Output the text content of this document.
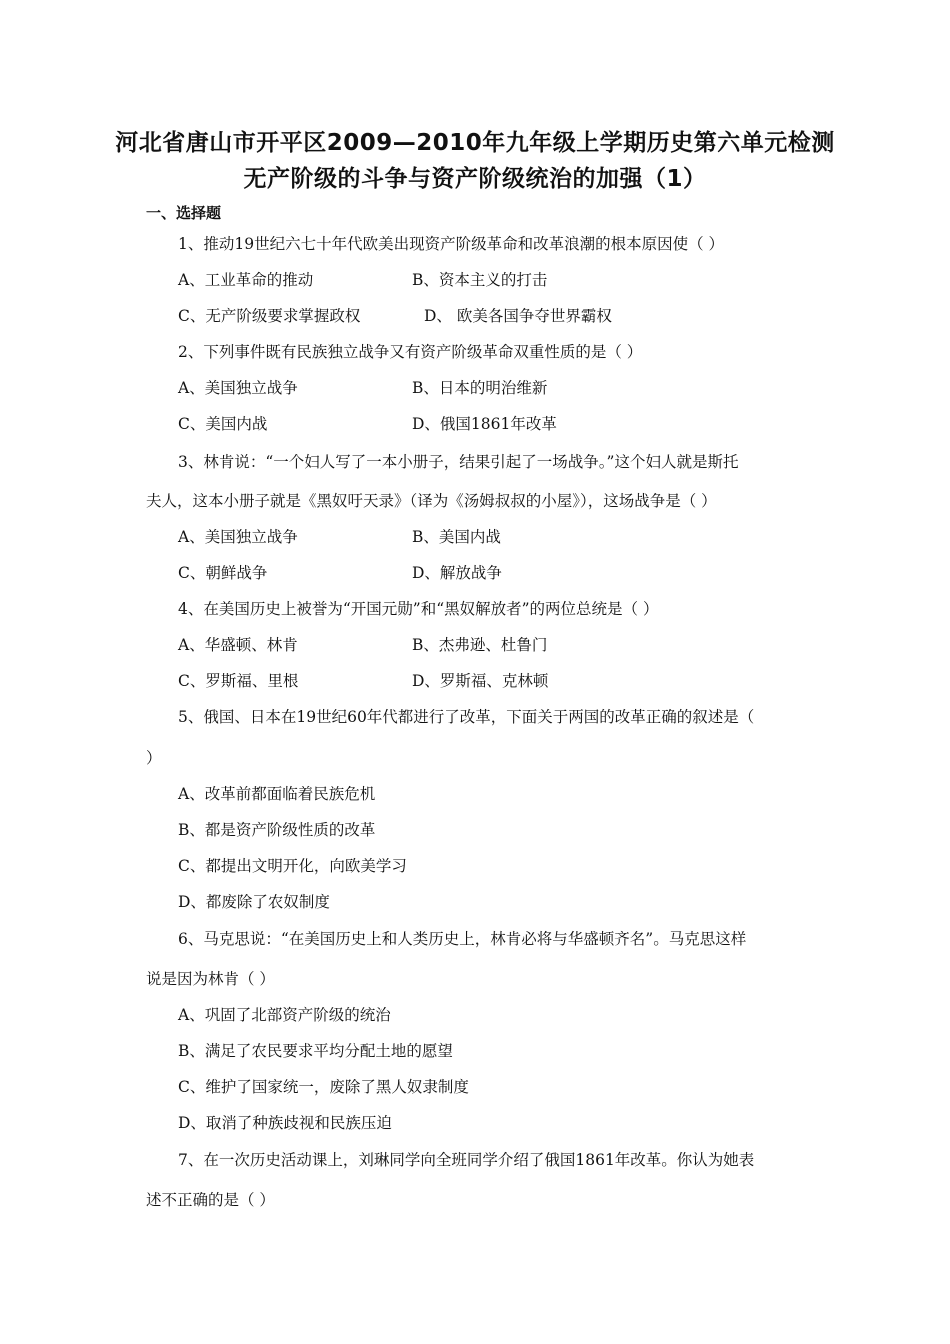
河北省唐山市开平区2009—2010年九年级上学期历史第六单元检测
无产阶级的斗争与资产阶级统治的加强（1）
一、选择题
1、推动19世纪六七十年代欧美出现资产阶级革命和改革浪潮的根本原因使（ ）
A、工业革命的推动	B、资本主义的打击
C、无产阶级要求掌握政权	D、 欧美各国争夺世界霸权
2、下列事件既有民族独立战争又有资产阶级革命双重性质的是（ ）
A、美国独立战争	B、日本的明治维新
C、美国内战	D、俄国1861年改革
3、林肯说：“一个妇人写了一本小册子，结果引起了一场战争。”这个妇人就是斯托
夫人，这本小册子就是《黑奴吁天录》（译为《汤姆叔叔的小屋》），这场战争是（ ）
A、美国独立战争	B、美国内战
C、朝鲜战争	D、解放战争
4、在美国历史上被誉为“开国元勋”和“黑奴解放者”的两位总统是（ ）
A、华盛顿、林肯	B、杰弗逊、杜鲁门
C、罗斯福、里根	D、罗斯福、克林顿
5、俄国、日本在19世纪60年代都进行了改革，下面关于两国的改革正确的叙述是（
）
A、改革前都面临着民族危机
B、都是资产阶级性质的改革
C、都提出文明开化，向欧美学习
D、都废除了农奴制度
6、马克思说：“在美国历史上和人类历史上，林肯必将与华盛顿齐名”。马克思这样
说是因为林肯（ ）
A、巩固了北部资产阶级的统治
B、满足了农民要求平均分配土地的愿望
C、维护了国家统一，废除了黑人奴隶制度
D、取消了种族歧视和民族压迫
7、在一次历史活动课上，刘琳同学向全班同学介绍了俄国1861年改革。你认为她表
述不正确的是（ ）
